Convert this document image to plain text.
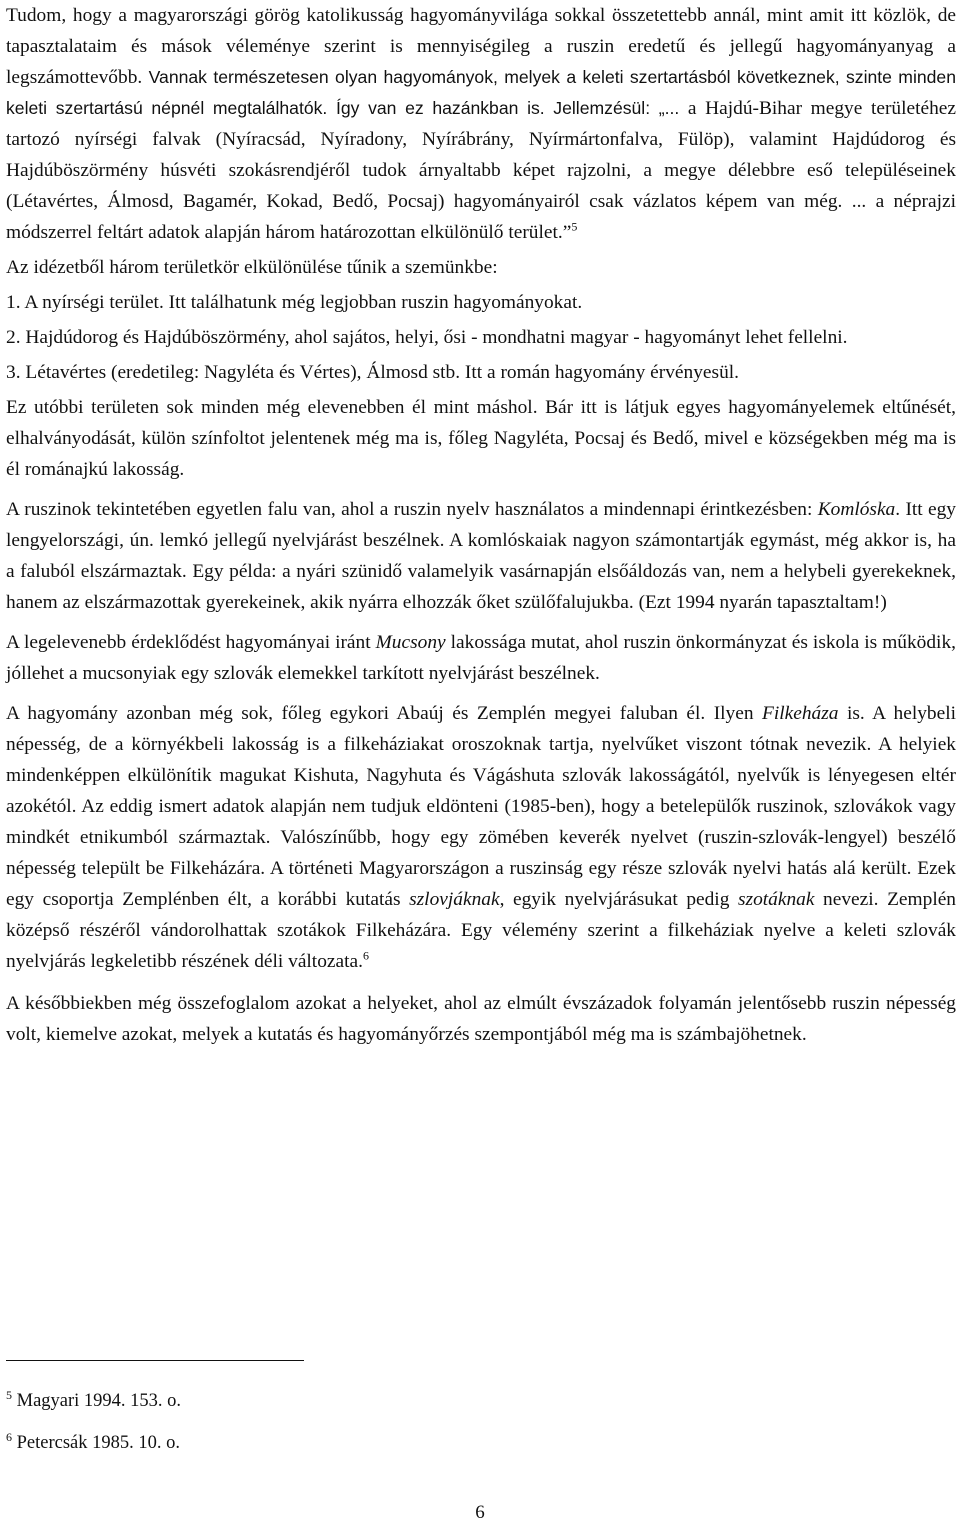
Tudom, hogy a magyarországi görög katolikusság hagyományvilága sokkal összetettebb annál, mint amit itt közlök, de tapasztalataim és mások véleménye szerint is mennyiségileg a ruszin eredetű és jellegű hagyományanyag a legszámottevőbb. Vannak természetesen olyan hagyományok, melyek a keleti szertartásból következnek, szinte minden keleti szertartású népnél megtalálhatók. Így van ez hazánkban is. Jellemzésül: „... a Hajdú-Bihar megye területéhez tartozó nyírségi falvak (Nyíracsád, Nyíradony, Nyírábrány, Nyírmártonfalva, Fülöp), valamint Hajdúdorog és Hajdúböszörmény húsvéti szokásrendjéről tudok árnyaltabb képet rajzolni, a megye délebbre eső településeinek (Létavértes, Álmosd, Bagamér, Kokad, Bedő, Pocsaj) hagyományairól csak vázlatos képem van még. ... a néprajzi módszerrel feltárt adatok alapján három határozottan elkülönülő terület.”$^5$

Az idézetből három területkör elkülönülése tűnik a szemünkbe:

1. A nyírségi terület. Itt találhatunk még legjobban ruszin hagyományokat.

2. Hajdúdorog és Hajdúböszörmény, ahol sajátos, helyi, ősi - mondhatni magyar - hagyományt lehet fellelni.

3. Létavértes (eredetileg: Nagyléta és Vértes), Álmosd stb. Itt a román hagyomány érvényesül.

Ez utóbbi területen sok minden még elevenebben él mint máshol. Bár itt is látjuk egyes hagyományelemek eltűnését, elhalványodását, külön színfoltot jelentenek még ma is, főleg Nagyléta, Pocsaj és Bedő, mivel e községekben még ma is él románajkú lakosság.

A ruszinok tekintetében egyetlen falu van, ahol a ruszin nyelv használatos a mindennapi érintkezésben: Komlóska. Itt egy lengyelországi, ún. lemkó jellegű nyelvjárást beszélnek. A komlóskaiak nagyon számontartják egymást, még akkor is, ha a faluból elszármaztak. Egy példa: a nyári szünidő valamelyik vasárnapján elsőáldozás van, nem a helybeli gyerekeknek, hanem az elszármazottak gyerekeinek, akik nyárra elhozzák őket szülőfalujukba. (Ezt 1994 nyarán tapasztaltam!)

A legelevenebb érdeklődést hagyományai iránt Mucsony lakossága mutat, ahol ruszin önkormányzat és iskola is működik, jóllehet a mucsonyiak egy szlovák elemekkel tarkított nyelvjárást beszélnek.

A hagyomány azonban még sok, főleg egykori Abaúj és Zemplén megyei faluban él. Ilyen Filkeháza is. A helybeli népesség, de a környékbeli lakosság is a filkeháziakat oroszoknak tartja, nyelvűket viszont tótnak nevezik. A helyiek mindenképpen elkülönítik magukat Kishuta, Nagyhuta és Vágáshuta szlovák lakosságától, nyelvűk is lényegesen eltér azokétól. Az eddig ismert adatok alapján nem tudjuk eldönteni (1985-ben), hogy a betelepülők ruszinok, szlovákok vagy mindkét etnikumból származtak. Valószínűbb, hogy egy zömében keverék nyelvet (ruszin-szlovák-lengyel) beszélő népesség települt be Filkeházára. A történeti Magyarországon a ruszinság egy része szlovák nyelvi hatás alá került. Ezek egy csoportja Zemplénben élt, a korábbi kutatás szlovjáknak, egyik nyelvjárásukat pedig szotáknak nevezi. Zemplén középső részéről vándorolhattak szotákok Filkeházára. Egy vélemény szerint a filkeháziak nyelve a keleti szlovák nyelvjárás legkeletibb részének déli változata.$^6$

A későbbiekben még összefoglalom azokat a helyeket, ahol az elmúlt évszázadok folyamán jelentősebb ruszin népesség volt, kiemelve azokat, melyek a kutatás és hagyományőrzés szempontjából még ma is számbajöhetnek.

$^5$ Magyari 1994. 153. o.

$^6$ Petercsák 1985. 10. o.

6
